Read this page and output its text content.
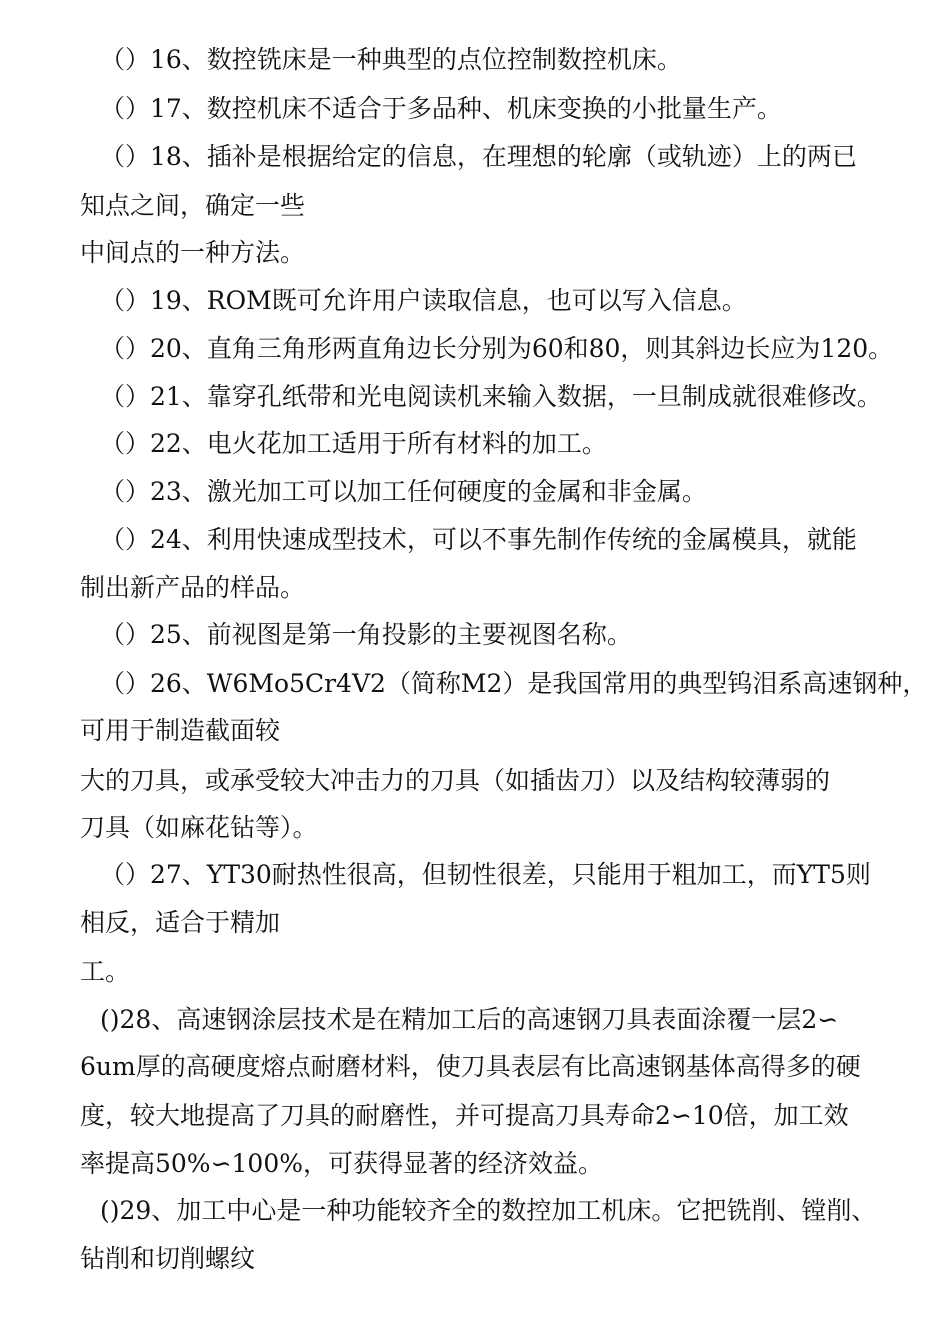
（）16、数控铣床是一种典型的点位控制数控机床。
（）17、数控机床不适合于多品种、机床变换的小批量生产。
（）18、插补是根据给定的信息，在理想的轮廓（或轨迹）上的两已
知点之间，确定一些
中间点的一种方法。
（）19、ROM既可允许用户读取信息，也可以写入信息。
（）20、直角三角形两直角边长分别为60和80，则其斜边长应为120。
（）21、靠穿孔纸带和光电阅读机来输入数据，一旦制成就很难修改。
（）22、电火花加工适用于所有材料的加工。
（）23、激光加工可以加工任何硬度的金属和非金属。
（）24、利用快速成型技术，可以不事先制作传统的金属模具，就能
制出新产品的样品。
（）25、前视图是第一角投影的主要视图名称。
（）26、W6Mo5Cr4V2（简称M2）是我国常用的典型钨泪系高速钢种，
可用于制造截面较
大的刀具，或承受较大冲击力的刀具（如插齿刀）以及结构较薄弱的
刀具（如麻花钻等）。
（）27、YT30耐热性很高，但韧性很差，只能用于粗加工，而YT5则
相反，适合于精加
工。
()28、高速钢涂层技术是在精加工后的高速钢刀具表面涂覆一层2∽
6um厚的高硬度熔点耐磨材料，使刀具表层有比高速钢基体高得多的硬
度，较大地提高了刀具的耐磨性，并可提高刀具寿命2∽10倍，加工效
率提高50%∽100%，可获得显著的经济效益。
()29、加工中心是一种功能较齐全的数控加工机床。它把铣削、镗削、
钻削和切削螺纹
